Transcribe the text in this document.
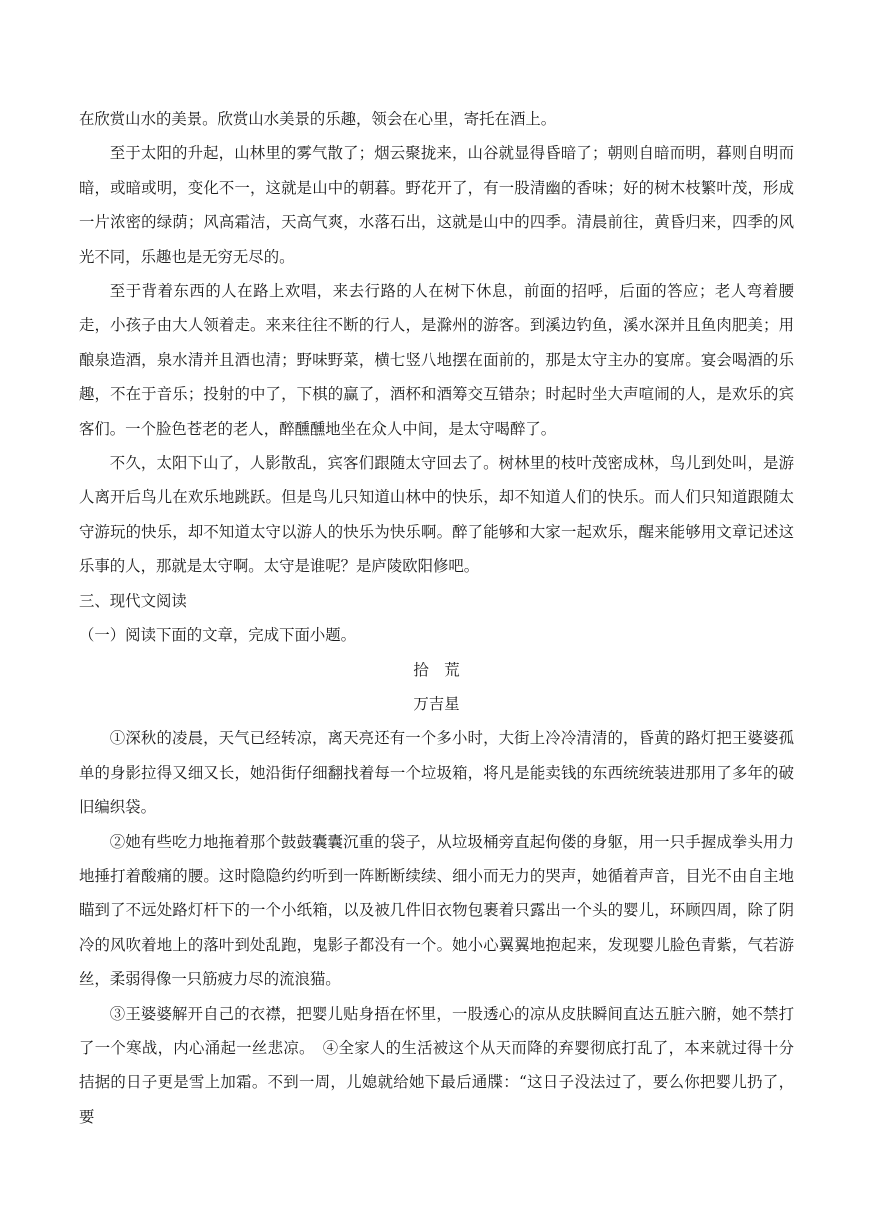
在欣赏山水的美景。欣赏山水美景的乐趣，领会在心里，寄托在酒上。

至于太阳的升起，山林里的雾气散了；烟云聚拢来，山谷就显得昏暗了；朝则自暗而明，暮则自明而暗，或暗或明，变化不一，这就是山中的朝暮。野花开了，有一股清幽的香味；好的树木枝繁叶茂，形成一片浓密的绿荫；风高霜洁，天高气爽，水落石出，这就是山中的四季。清晨前往，黄昏归来，四季的风光不同，乐趣也是无穷无尽的。

至于背着东西的人在路上欢唱，来去行路的人在树下休息，前面的招呼，后面的答应；老人弯着腰走，小孩子由大人领着走。来来往往不断的行人，是滁州的游客。到溪边钓鱼，溪水深并且鱼肉肥美；用酿泉造酒，泉水清并且酒也清；野味野菜，横七竖八地摆在面前的，那是太守主办的宴席。宴会喝酒的乐趣，不在于音乐；投射的中了，下棋的赢了，酒杯和酒筹交互错杂；时起时坐大声喧闹的人，是欢乐的宾客们。一个脸色苍老的老人，醉醺醺地坐在众人中间，是太守喝醉了。

不久，太阳下山了，人影散乱，宾客们跟随太守回去了。树林里的枝叶茂密成林，鸟儿到处叫，是游人离开后鸟儿在欢乐地跳跃。但是鸟儿只知道山林中的快乐，却不知道人们的快乐。而人们只知道跟随太守游玩的快乐，却不知道太守以游人的快乐为快乐啊。醉了能够和大家一起欢乐，醒来能够用文章记述这乐事的人，那就是太守啊。太守是谁呢？是庐陵欧阳修吧。

三、现代文阅读

（一）阅读下面的文章，完成下面小题。

拾　荒

万吉星

①深秋的凌晨，天气已经转凉，离天亮还有一个多小时，大街上冷冷清清的，昏黄的路灯把王婆婆孤单的身影拉得又细又长，她沿街仔细翻找着每一个垃圾箱，将凡是能卖钱的东西统统装进那用了多年的破旧编织袋。

②她有些吃力地拖着那个鼓鼓囊囊沉重的袋子，从垃圾桶旁直起佝偻的身躯，用一只手握成拳头用力地捶打着酸痛的腰。这时隐隐约约听到一阵断断续续、细小而无力的哭声，她循着声音，目光不由自主地瞄到了不远处路灯杆下的一个小纸箱，以及被几件旧衣物包裹着只露出一个头的婴儿，环顾四周，除了阴冷的风吹着地上的落叶到处乱跑，鬼影子都没有一个。她小心翼翼地抱起来，发现婴儿脸色青紫，气若游丝，柔弱得像一只筋疲力尽的流浪猫。

③王婆婆解开自己的衣襟，把婴儿贴身捂在怀里，一股透心的凉从皮肤瞬间直达五脏六腑，她不禁打了一个寒战，内心涌起一丝悲凉。　④全家人的生活被这个从天而降的弃婴彻底打乱了，本来就过得十分拮据的日子更是雪上加霜。不到一周，儿媳就给她下最后通牒：“这日子没法过了，要么你把婴儿扔了，要
